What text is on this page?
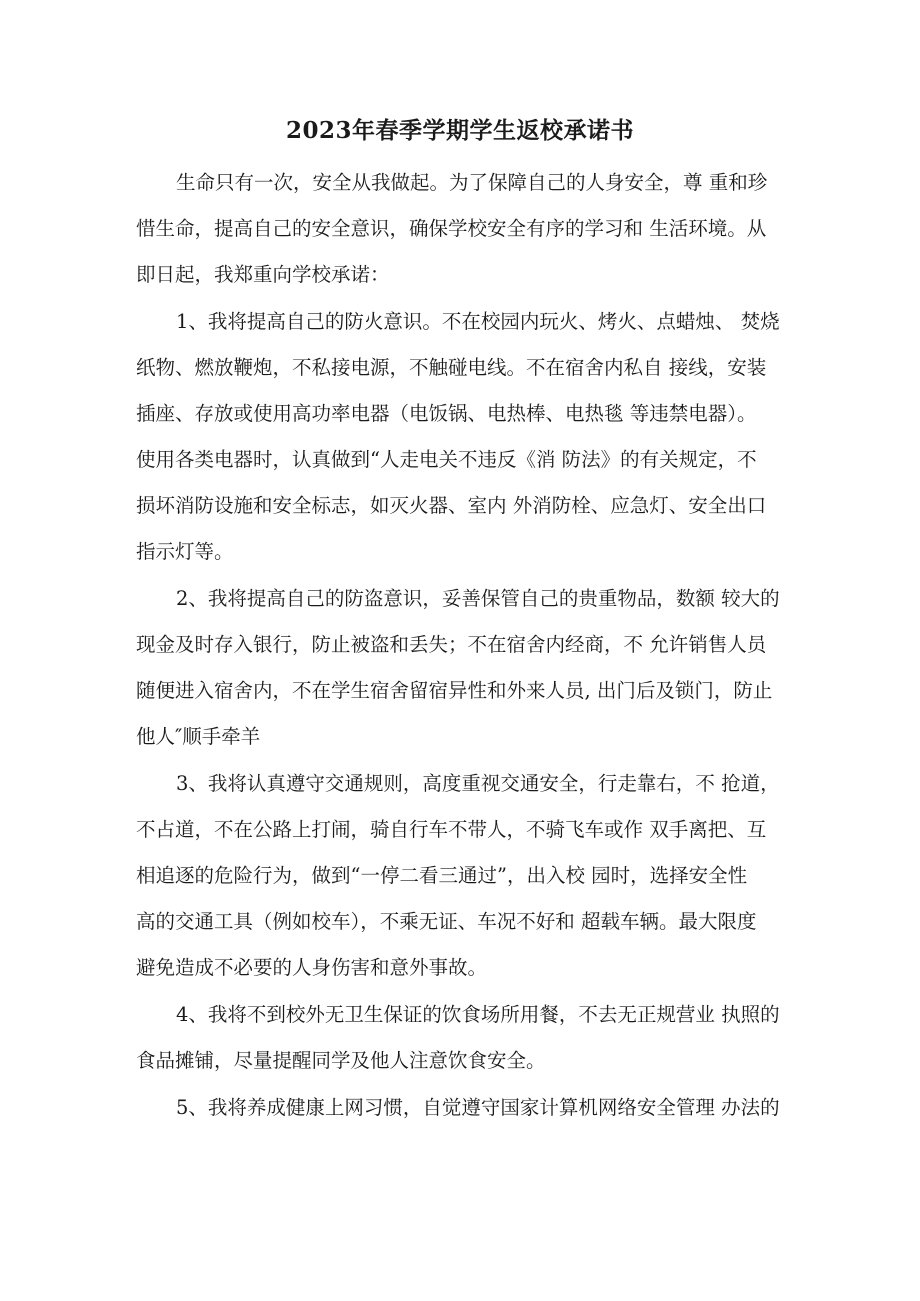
2023年春季学期学生返校承诺书

生命只有一次，安全从我做起。为了保障自己的人身安全，尊 重和珍

惜生命，提高自己的安全意识，确保学校安全有序的学习和 生活环境。从

即日起，我郑重向学校承诺：

1、我将提高自己的防火意识。不在校园内玩火、烤火、点蜡烛、 焚烧

纸物、燃放鞭炮，不私接电源，不触碰电线。不在宿舍内私自 接线，安装

插座、存放或使用高功率电器（电饭锅、电热棒、电热毯 等违禁电器）。

使用各类电器时，认真做到“人走电关不违反《消 防法》的有关规定，不

损坏消防设施和安全标志，如灭火器、室内 外消防栓、应急灯、安全出口

指示灯等。

2、我将提高自己的防盗意识，妥善保管自己的贵重物品，数额 较大的

现金及时存入银行，防止被盗和丢失；不在宿舍内经商，不 允许销售人员

随便进入宿舍内，不在学生宿舍留宿异性和外来人员, 出门后及锁门，防止

他人″顺手牵羊

3、我将认真遵守交通规则，高度重视交通安全，行走靠右，不 抢道，

不占道，不在公路上打闹，骑自行车不带人，不骑飞车或作 双手离把、互

相追逐的危险行为，做到“一停二看三通过”，出入校 园时，选择安全性

高的交通工具（例如校车），不乘无证、车况不好和 超载车辆。最大限度

避免造成不必要的人身伤害和意外事故。

4、我将不到校外无卫生保证的饮食场所用餐，不去无正规营业 执照的

食品摊铺，尽量提醒同学及他人注意饮食安全。

5、我将养成健康上网习惯，自觉遵守国家计算机网络安全管理 办法的
